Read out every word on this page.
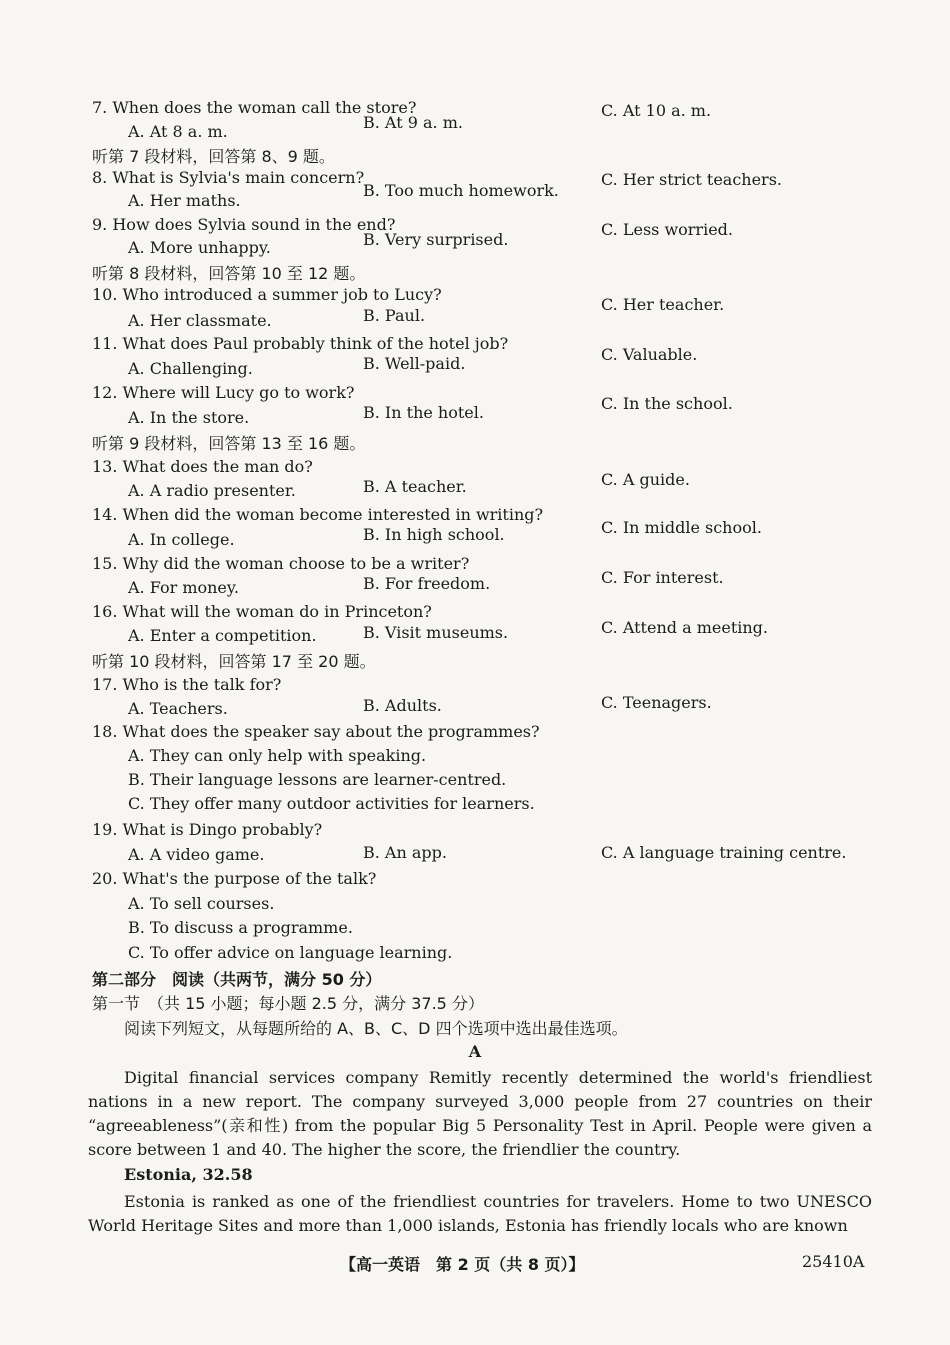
7. When does the woman call the store?
A. At 8 a. m.	B. At 9 a. m.
C. At 10 a. m.
听第 7 段材料，回答第 8、9 题。
8. What is Sylvia's main concern?
A. Her maths.
B. Too much homework.
C. Her strict teachers.
9. How does Sylvia sound in the end?
A. More unhappy.	B. Very surprised.
C. Less worried.
听第 8 段材料，回答第 10 至 12 题。
10. Who introduced a summer job to Lucy?
A. Her classmate.	B. Paul.
C. Her teacher.
11. What does Paul probably think of the hotel job?
A. Challenging.	B. Well-paid.	C. Valuable.
12. Where will Lucy go to work?
A. In the store.	B. In the hotel.	C. In the school.
听第 9 段材料，回答第 13 至 16 题。
13. What does the man do?
A. A radio presenter.	B. A teacher.	C. A guide.
14. When did the woman become interested in writing?
A. In college.	B. In high school.	C. In middle school.
15. Why did the woman choose to be a writer?
A. For money.	B. For freedom.	C. For interest.
16. What will the woman do in Princeton?
A. Enter a competition.	B. Visit museums.	C. Attend a meeting.
听第 10 段材料，回答第 17 至 20 题。
17. Who is the talk for?
A. Teachers.	B. Adults.	C. Teenagers.
18. What does the speaker say about the programmes?
A. They can only help with speaking.
B. Their language lessons are learner-centred.
C. They offer many outdoor activities for learners.
19. What is Dingo probably?
A. A video game.	B. An app.	C. A language training centre.
20. What's the purpose of the talk?
A. To sell courses.
B. To discuss a programme.
C. To offer advice on language learning.
第二部分　阅读（共两节，满分 50 分）
第一节　（共 15 小题；每小题 2.5 分，满分 37.5 分）
阅读下列短文，从每题所给的 A、B、C、D 四个选项中选出最佳选项。
A

Digital financial services company Remitly recently determined the world's friendliest nations in a new report. The company surveyed 3,000 people from 27 countries on their “agreeableness”(亲和性) from the popular Big 5 Personality Test in April. People were given a score between 1 and 40. The higher the score, the friendlier the country.

Estonia, 32.58

Estonia is ranked as one of the friendliest countries for travelers. Home to two UNESCO World Heritage Sites and more than 1,000 islands, Estonia has friendly locals who are known

【高一英语　第 2 页（共 8 页）】	25410A
